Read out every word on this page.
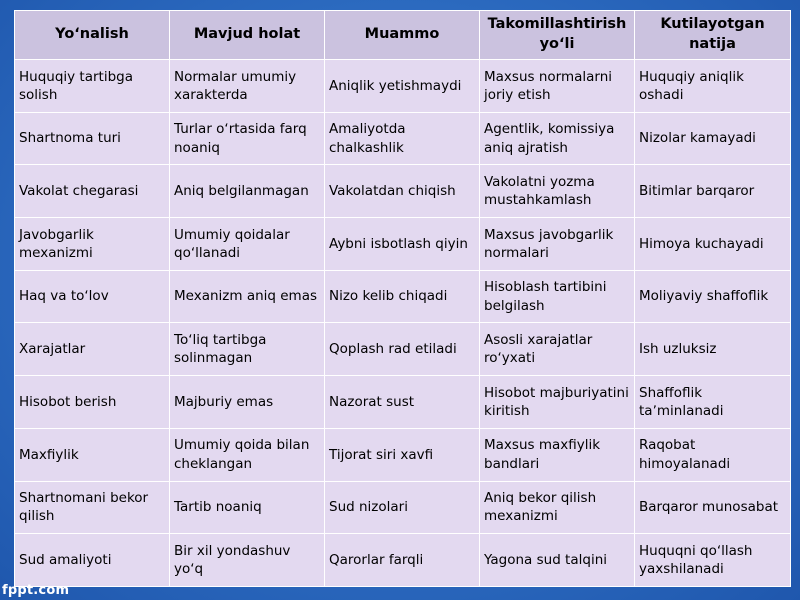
Yoʻnalish	Mavjud holat	Muammo	Takomillashtirish yoʻli	Kutilayotgan natija
Huquqiy tartibga solish	Normalar umumiy xarakterda	Aniqlik yetishmaydi	Maxsus normalarni joriy etish	Huquqiy aniqlik oshadi
Shartnoma turi	Turlar oʻrtasida farq noaniq	Amaliyotda chalkashlik	Agentlik, komissiya aniq ajratish	Nizolar kamayadi
Vakolat chegarasi	Aniq belgilanmagan	Vakolatdan chiqish	Vakolatni yozma mustahkamlash	Bitimlar barqaror
Javobgarlik mexanizmi	Umumiy qoidalar qoʻllanadi	Aybni isbotlash qiyin	Maxsus javobgarlik normalari	Himoya kuchayadi
Haq va toʻlov	Mexanizm aniq emas	Nizo kelib chiqadi	Hisoblash tartibini belgilash	Moliyaviy shaffoflik
Xarajatlar	Toʻliq tartibga solinmagan	Qoplash rad etiladi	Asosli xarajatlar roʻyxati	Ish uzluksiz
Hisobot berish	Majburiy emas	Nazorat sust	Hisobot majburiyatini kiritish	Shaffoflik taʼminlanadi
Maxfiylik	Umumiy qoida bilan cheklangan	Tijorat siri xavfi	Maxsus maxfiylik bandlari	Raqobat himoyalanadi
Shartnomani bekor qilish	Tartib noaniq	Sud nizolari	Aniq bekor qilish mexanizmi	Barqaror munosabat
Sud amaliyoti	Bir xil yondashuv yoʻq	Qarorlar farqli	Yagona sud talqini	Huquqni qoʻllash yaxshilanadi
fppt.com
